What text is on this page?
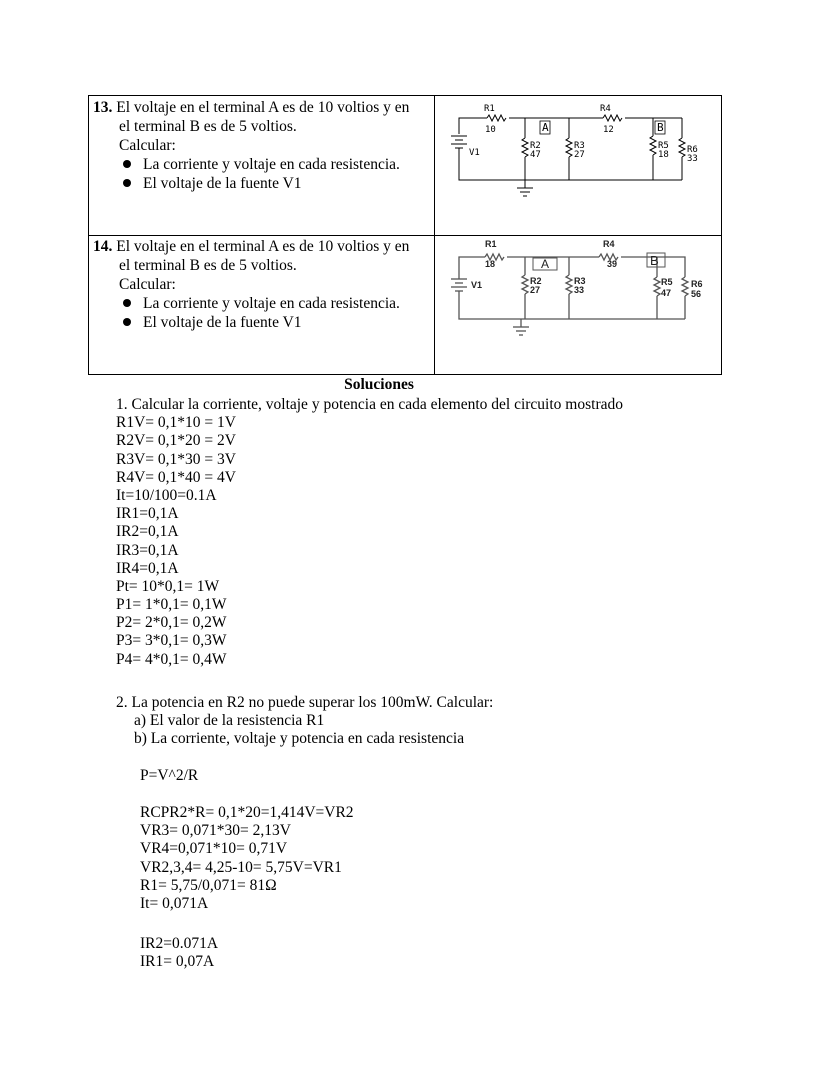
13. El voltaje en el terminal A es de 10 voltios y en
el terminal B es de 5 voltios.
Calcular:
La corriente y voltaje en cada resistencia.
El voltaje de la fuente V1
R1
10
R4
12
R2
47
R3
27
R5
18 R6
33
V1
A	B
14. El voltaje en el terminal A es de 10 voltios y en
el terminal B es de 5 voltios.
Calcular:
La corriente y voltaje en cada resistencia.
El voltaje de la fuente V1
R1
18
R4
39
R2
27
R3
33
R5
47
R6
56
V1
A	B
Soluciones
1. Calcular la corriente, voltaje y potencia en cada elemento del circuito mostrado
R1V= 0,1*10 = 1V
R2V= 0,1*20 = 2V
R3V= 0,1*30 = 3V
R4V= 0,1*40 = 4V
It=10/100=0.1A
IR1=0,1A
IR2=0,1A
IR3=0,1A
IR4=0,1A
Pt= 10*0,1= 1W
P1= 1*0,1= 0,1W
P2= 2*0,1= 0,2W
P3= 3*0,1= 0,3W
P4= 4*0,1= 0,4W
2. La potencia en R2 no puede superar los 100mW. Calcular:
a) El valor de la resistencia R1
b) La corriente, voltaje y potencia en cada resistencia
P=V^2/R
RCPR2*R= 0,1*20=1,414V=VR2
VR3= 0,071*30= 2,13V
VR4=0,071*10= 0,71V
VR2,3,4= 4,25-10= 5,75V=VR1
R1= 5,75/0,071= 81Ω
It= 0,071A
IR2=0.071A
IR1= 0,07A
